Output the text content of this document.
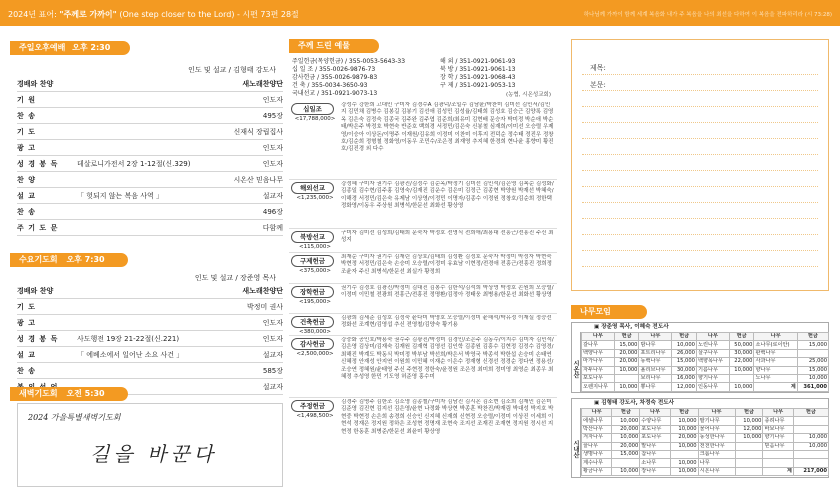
2024년 표어: "주께로 가까이" (One step closer to the Lord) - 시편 73편 28절	하나님께 가까이 함께 세계 복음화 내가 주 복음을 나의 최선을 다하여 이 복음을 전파하리라 (시 73:28)
주일오후예배 오후 2:30
인도 및 설교 / 김형태 강도사
경배와 찬양	새노래찬양단
기 원	인도자
찬 송	495장
기 도	신재식 장립집사
광 고	인도자
성 경 봉 독	데살로니가전서 2장 1-12절(신.329)	인도자
찬 양	시온산 믿음나무
설 교	「 헛되지 않는 복음 사역 」	설교자
찬 송	496장
주 기 도 문	다함께
수요기도회 오후 7:30
인도 및 설교 / 장준영 목사
경배와 찬양	새노래찬양단
기 도	박정미 권사
광 고	인도자
성 경 봉 독	사도행전 19장 21-22절(신.221)	인도자
설 교	「 에베소에서 일어난 소요 사건 」	설교자
찬 송	585장
설교자
새벽기도회 오전 5:30
2024 가을특별새벽기도회
길을 바꾼다
주께 드린 예물
주일헌금(목양헌금) / 355-0053-5643-33
십 일 조 / 355-0026-9876-73
감사헌금 / 355-0026-9879-83
건 축 / 355-0034-3650-93
국내선교 / 351-0921-9073-13
해 외 / 351-0921-9061-93
북 방 / 351-0921-9061-13
장 학 / 351-0921-9068-43
구 제 / 351-0921-9053-13
(농협, 시온성교회)
십일조
<17,788,000>
강성수 강한희 고대민 구미자 김경수A 김광덕/조일수 김남윤/박찬미 김미선 김민서/김민지 김민채 김병수 김봉길 김봉기 김선애 김성민 김성율/김태희 김성호 김승근 김양록 김영옥 김은숙 김정숙 김종국 김주완 김주엽 김준희/최유미 김현배 문승자 박미정 박순애 박순태/박은주 박정호 박현숙 반준호 백희경 서정민/김은숙 신봉철 심재희/이미선 오승렬 우제영/이승아 이상돈/이명주 이재원/김유희 이정미 이찬미 이후지 전덕순 정수태 정진우 정창호/김순희 정형철 정화영/이동우 조민수/조은정 최재영 추지혜 한경희 현나윤 홍향미 황진호/김진경 외 다수
해외선교
<1,235,000>
강정혜 구미자 권기수 김광진/김정수 김순옥/박정기 김미선 김민석/김은영 김복순 김성화/김종일 김수현/김주홍 김영숙/김재진 김운수 김은미 김정근 김종현 박양원 박재선 박혜숙/이해경 서정민/김은숙 유제남 이상영/이정민 이명자/김종수 이정원 정창호/김순희 정한택 정화영/이동우 주상원 최병석/한문선 최화선 황상영
북방선교
<115,000>
구미자 김미선 김성희/김태희 문숙자 박정호 전영식 전희애/최용대 전흥근/전흥진 주신 최성지
구제헌금
<375,000>
최재순 구미자 권기수 김재린 김상호/김태희 김성환 김정호 문숙자 박정미 박정자 박현숙 박현정 서정민/김은숙 손승미 오승렬/이정미 유효남 이현정/전경애 전흥근/전흥진 정희정 조윤자 주신 최병석/한문선 최실가 황정희
장학헌금
<195,000>
권기수 김경호 김광진/박정미 김대진 김봉수 김한석/김석희 박상영 박정호 손원희 오승렬/이정미 이민철 전광희 전흥근/전흥진 정명환/김정아 정태웅 최병용/한문선 최화선 황상영
건축헌금
<380,000>
김광희 김세준 김성호 김정숙 윤다미 박영호 오승렬/이정미 윤해석/박유정 이재실 정승선 정화선 조계현/김영섭 추신 전영철/김양숙 황기용
감사헌금
<2,500,000>
강중화 공인호/박용숙 권수주 김광진/박정미 김경민/조은주 김동수/이지수 김미자 김민석/김은영 김상미/김재숙 김재원 김재혁 김영선 김인학 김종원 김흥수 김현정 김정수 김영경/최해진 박계도 박동식 박미정 박부남 박선희/박은서 박영국 박종석 박한섭 손승미 손태연 신혜정 안재성 안지연 이원희 이민혜 이재순 이은수 정재형 신경선 정경순 정다연 정용선/조승연 정혜원/윤태영 주신 주현정 정한숙/윤정원 조은정 최미희 정미영 최영순 최종우 최혜정 추성영 한민 기도영 허준영 홍수미
주정헌금
<1,498,500>
김경주 김명주 김한조 김소영 김종철/구미자 김남진 김시온 김소현 김소희 김재민 김은미 김준영 김진현 김지선 김은영/윤현 나정화 박상현 박종훈 박찬진/박재림 박대성 박지호 박현중 박현정 손은희 송경희 신승인 신지혜 신재희 신현정 오승렬/이정미 이상진 이세희 이현석 정재은 정지원 정하은 조성현 정명재 조현숙 조지선 조재진 조재현 정지원 정시선 지현정 한동훈 최병준/한문선 최윤미 황상영
제목:
본문:
나무모임
▣ 장준영 목사, 이혜숙 전도사
시온산
나무	헌금	나무	헌금	나무	헌금	나무	헌금
갈나무	15,000	밤나무	10,000	노린나무	50,000	소나무(로이안)	15,000
백양나무	20,000	포트리나무	26,000	살구나무	30,000	판백나무	
마가나무	20,000	동백나무	15,000	백향목나무	22,000	사과나무	25,000
자두나무	10,000	올리브나무	30,000	기름나무	10,000	향나무	15,000
포도나무		보리나무	16,000	향기나무		노나무	10,000
오렌지나무	10,000	뽕나무	12,000	인동나무	10,000	계	361,000
▣ 김형태 강도사, 차정숙 전도사
시내산
나무	헌금	나무	헌금	나무	헌금	나무	헌금
에셀나무	10,000	수양나무	10,000	팔기나무	10,000	종려나무	
박산나무	20,000	포도나무	10,000	물어나무	12,000	바보나무	
겨자나무	10,000	포도나무	20,000	동성한나무	10,000	향기나무	10,000
꿀나무	20,000	말나무	10,000	전천한나무		믿음나무	10,000
생명나무	15,000	참나무		크롬나무			
계수나무		소나무	10,000	나무			
황금나무	10,000	장나무	10,000	시온나무		계	217,000
